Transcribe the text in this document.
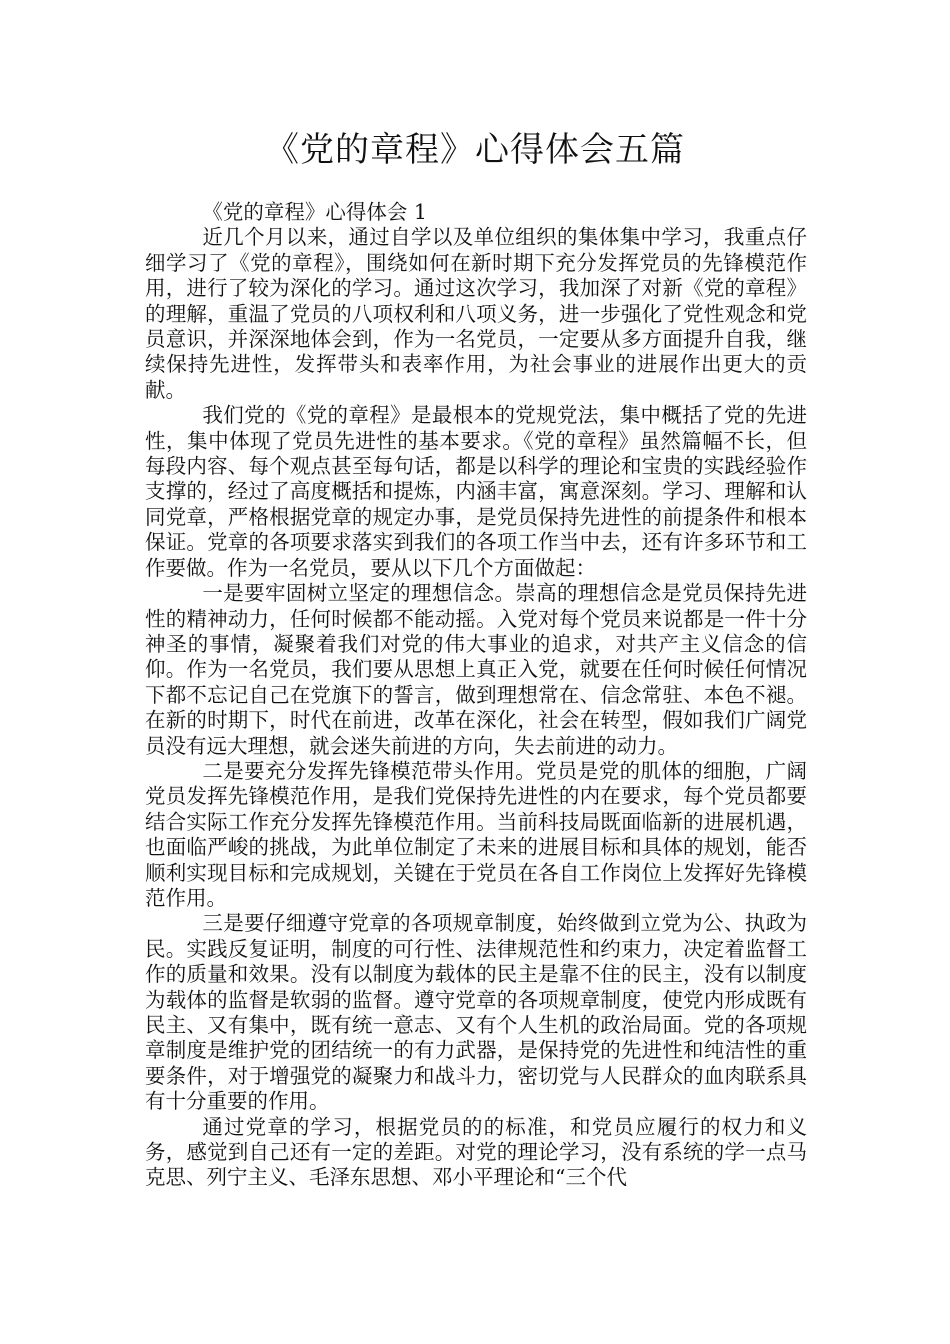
《党的章程》心得体会五篇
《党的章程》心得体会 1

近几个月以来，通过自学以及单位组织的集体集中学习，我重点仔细学习了《党的章程》，围绕如何在新时期下充分发挥党员的先锋模范作用，进行了较为深化的学习。通过这次学习，我加深了对新《党的章程》的理解，重温了党员的八项权利和八项义务，进一步强化了党性观念和党员意识，并深深地体会到，作为一名党员，一定要从多方面提升自我，继续保持先进性，发挥带头和表率作用，为社会事业的进展作出更大的贡献。

我们党的《党的章程》是最根本的党规党法，集中概括了党的先进性，集中体现了党员先进性的基本要求。《党的章程》虽然篇幅不长，但每段内容、每个观点甚至每句话，都是以科学的理论和宝贵的实践经验作支撑的，经过了高度概括和提炼，内涵丰富，寓意深刻。学习、理解和认同党章，严格根据党章的规定办事，是党员保持先进性的前提条件和根本保证。党章的各项要求落实到我们的各项工作当中去，还有许多环节和工作要做。作为一名党员，要从以下几个方面做起：

一是要牢固树立坚定的理想信念。崇高的理想信念是党员保持先进性的精神动力，任何时候都不能动摇。入党对每个党员来说都是一件十分神圣的事情，凝聚着我们对党的伟大事业的追求，对共产主义信念的信仰。作为一名党员，我们要从思想上真正入党，就要在任何时候任何情况下都不忘记自己在党旗下的誓言，做到理想常在、信念常驻、本色不褪。在新的时期下，时代在前进，改革在深化，社会在转型，假如我们广阔党员没有远大理想，就会迷失前进的方向，失去前进的动力。

二是要充分发挥先锋模范带头作用。党员是党的肌体的细胞，广阔党员发挥先锋模范作用，是我们党保持先进性的内在要求，每个党员都要结合实际工作充分发挥先锋模范作用。当前科技局既面临新的进展机遇，也面临严峻的挑战，为此单位制定了未来的进展目标和具体的规划，能否顺利实现目标和完成规划，关键在于党员在各自工作岗位上发挥好先锋模范作用。

三是要仔细遵守党章的各项规章制度，始终做到立党为公、执政为民。实践反复证明，制度的可行性、法律规范性和约束力，决定着监督工作的质量和效果。没有以制度为载体的民主是靠不住的民主，没有以制度为载体的监督是软弱的监督。遵守党章的各项规章制度，使党内形成既有民主、又有集中，既有统一意志、又有个人生机的政治局面。党的各项规章制度是维护党的团结统一的有力武器，是保持党的先进性和纯洁性的重要条件，对于增强党的凝聚力和战斗力，密切党与人民群众的血肉联系具有十分重要的作用。

通过党章的学习，根据党员的的标准，和党员应履行的权力和义务，感觉到自己还有一定的差距。对党的理论学习，没有系统的学一点马克思、列宁主义、毛泽东思想、邓小平理论和“三个代
